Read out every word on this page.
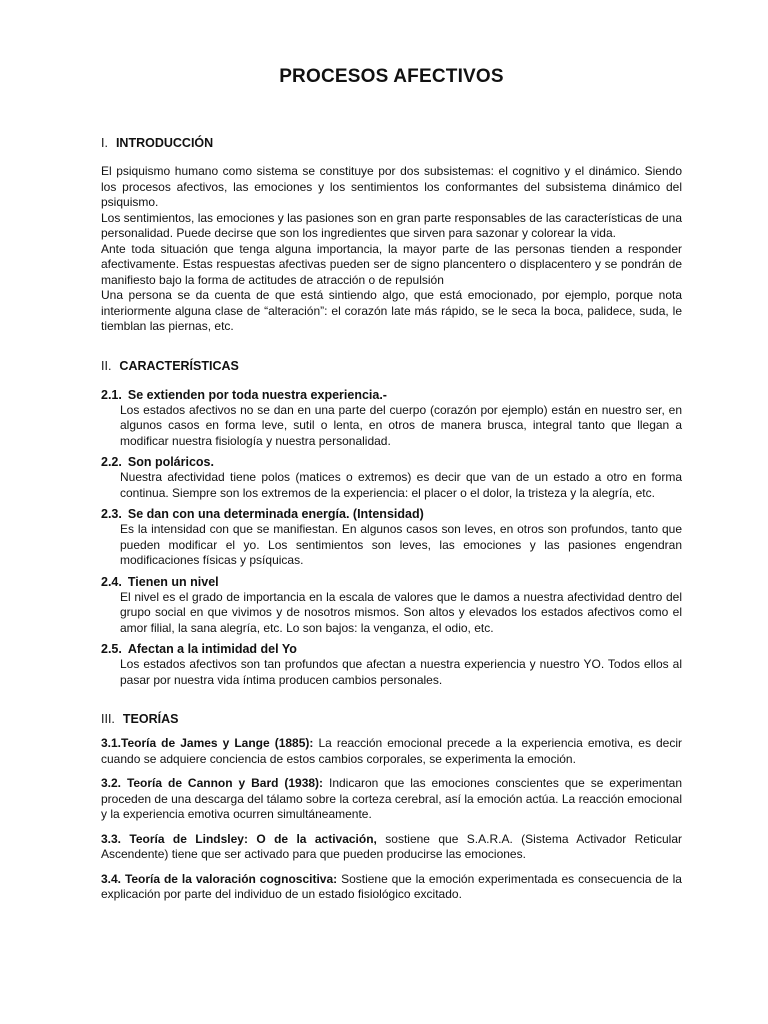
PROCESOS AFECTIVOS
I. INTRODUCCIÓN

El psiquismo humano como sistema se constituye por dos subsistemas: el cognitivo y el dinámico. Siendo los procesos afectivos, las emociones y los sentimientos los conformantes del subsistema dinámico del psiquismo.

Los sentimientos, las emociones y las pasiones son en gran parte responsables de las características de una personalidad. Puede decirse que son los ingredientes que sirven para sazonar y colorear la vida.

Ante toda situación que tenga alguna importancia, la mayor parte de las personas tienden a responder afectivamente. Estas respuestas afectivas pueden ser de signo plancentero o displacentero y se pondrán de manifiesto bajo la forma de actitudes de atracción o de repulsión

Una persona se da cuenta de que está sintiendo algo, que está emocionado, por ejemplo, porque nota interiormente alguna clase de “alteración”: el corazón late más rápido, se le seca la boca, palidece, suda, le tiemblan las piernas, etc.

II. CARACTERÍSTICAS
2.1. Se extienden por toda nuestra experiencia.-

Los estados afectivos no se dan en una parte del cuerpo (corazón por ejemplo) están en nuestro ser, en algunos casos en forma leve, sutil o lenta, en otros de manera brusca, integral tanto que llegan a modificar nuestra fisiología y nuestra personalidad.

2.2. Son poláricos.

Nuestra afectividad tiene polos (matices o extremos) es decir que van de un estado a otro en forma continua. Siempre son los extremos de la experiencia: el placer o el dolor, la tristeza y la alegría, etc.

2.3. Se dan con una determinada energía. (Intensidad)

Es la intensidad con que se manifiestan. En algunos casos son leves, en otros son profundos, tanto que pueden modificar el yo. Los sentimientos son leves, las emociones y las pasiones engendran modificaciones físicas y psíquicas.

2.4. Tienen un nivel

El nivel es el grado de importancia en la escala de valores que le damos a nuestra afectividad dentro del grupo social en que vivimos y de nosotros mismos. Son altos y elevados los estados afectivos como el amor filial, la sana alegría, etc. Lo son bajos: la venganza, el odio, etc.

2.5. Afectan a la intimidad del Yo

Los estados afectivos son tan profundos que afectan a nuestra experiencia y nuestro YO. Todos ellos al pasar por nuestra vida íntima producen cambios personales.

III. TEORÍAS

3.1.Teoría de James y Lange (1885): La reacción emocional precede a la experiencia emotiva, es decir cuando se adquiere conciencia de estos cambios corporales, se experimenta la emoción.

3.2. Teoría de Cannon y Bard (1938): Indicaron que las emociones conscientes que se experimentan proceden de una descarga del tálamo sobre la corteza cerebral, así la emoción actúa. La reacción emocional y la experiencia emotiva ocurren simultáneamente.

3.3. Teoría de Lindsley: O de la activación, sostiene que S.A.R.A. (Sistema Activador Reticular Ascendente) tiene que ser activado para que pueden producirse las emociones.

3.4. Teoría de la valoración cognoscitiva: Sostiene que la emoción experimentada es consecuencia de la explicación por parte del individuo de un estado fisiológico excitado.
